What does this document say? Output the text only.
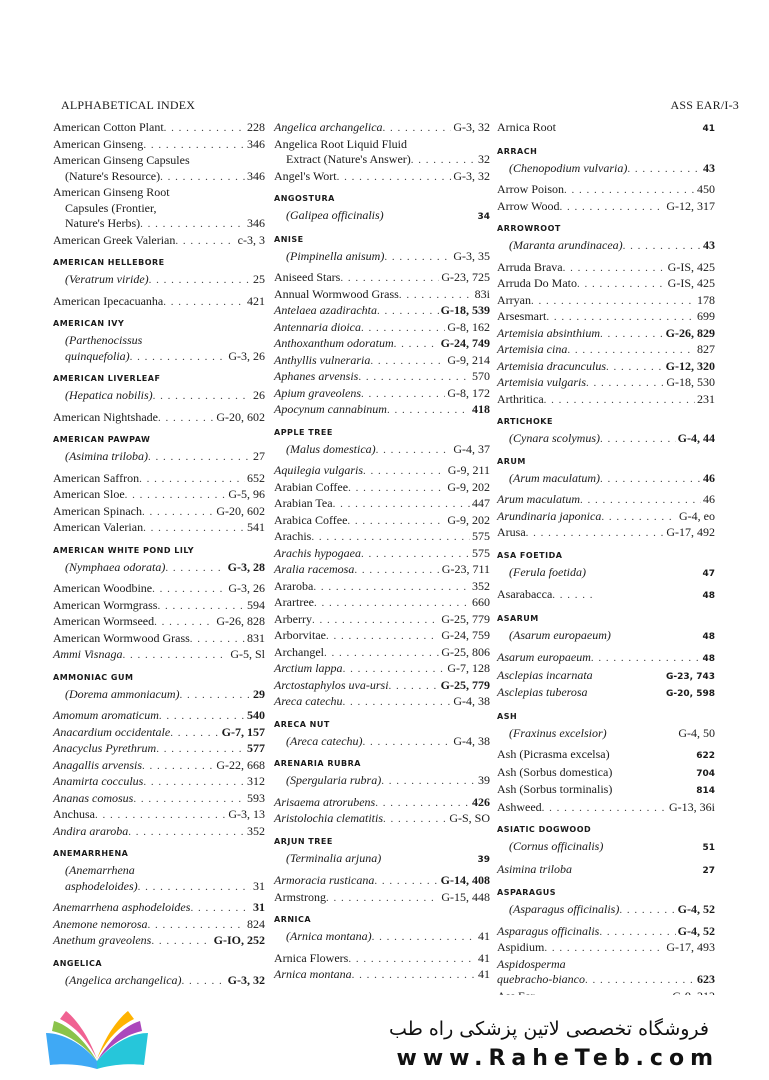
ALPHABETICAL INDEX	ASS EAR/I-3
American Cotton Plant . . .	228
American Ginseng . . .	346
American Ginseng Capsules
(Nature's Resource) . . .	346
American Ginseng Root
Capsules (Frontier,
Nature's Herbs) . . .	346
American Greek Valerian . . .	c-3, 3
AMERICAN HELLEBORE
(Veratrum viride) . . .	25
American Ipecacuanha . . .	421
AMERICAN IVY
(Parthenocissus
quinquefolia) . . .	G-3, 26
AMERICAN LIVERLEAF
(Hepatica nobilis) . . .	26
American Nightshade . . .	G-20, 602
AMERICAN PAWPAW
(Asimina triloba) . . .	27
American Saffron . . .	652
American Sloe . . .	G-5, 96
American Spinach . . .	G-20, 602
American Valerian . . .	541
AMERICAN WHITE POND LILY
(Nymphaea odorata) . . .	G-3, 28
American Woodbine . . .	G-3, 26
American Wormgrass . . .	594
American Wormseed . . .	G-26, 828
American Wormwood Grass . . .	831
Ammi Visnaga . . .	G-5, Sl
AMMONIAC GUM
(Dorema ammoniacum) . . .	29
Amomum aromaticum . . .	540
Anacardium occidentale . . .	G-7, 157
Anacyclus Pyrethrum . . .	577
Anagallis arvensis . . .	G-22, 668
Anamirta cocculus . . .	312
Ananas comosus . . .	593
Anchusa . . .	G-3, 13
Andira araroba . . .	352
ANEMARRHENA
(Anemarrhena
asphodeloides) . . .	31
Anemarrhena asphodeloides . . .	31
Anemone nemorosa . . .	824
Anethum graveolens . . .	G-IO, 252
ANGELICA
(Angelica archangelica) . . .	G-3, 32
Angelica archangelica . . .	G-3, 32
Angelica Root Liquid Fluid
Extract (Nature's Answer) . . .	32
Angel's Wort . . .	G-3, 32
ANGOSTURA
(Galipea officinalis)	34
ANISE
(Pimpinella anisum) . . .	G-3, 35
Aniseed Stars . . .	G-23, 725
Annual Wormwood Grass . . .	83i
Antelaea azadirachta . . .	G-18, 539
Antennaria dioica . . .	G-8, 162
Anthoxanthum odoratum . . .	G-24, 749
Anthyllis vulneraria . . .	G-9, 214
Aphanes arvensis . . .	570
Apium graveolens . . .	G-8, 172
Apocynum cannabinum . . .	418
APPLE TREE
(Malus domestica) . . .	G-4, 37
Aquilegia vulgaris . . .	G-9, 211
Arabian Coffee . . .	G-9, 202
Arabian Tea . . .	447
Arabica Coffee . . .	G-9, 202
Arachis . . .	575
Arachis hypogaea . . .	575
Aralia racemosa . . .	G-23, 711
Araroba . . .	352
Arartree . . .	660
Arberry . . .	G-25, 779
Arborvitae . . .	G-24, 759
Archangel . . .	G-25, 806
Arctium lappa . . .	G-7, 128
Arctostaphylos uva-ursi . . .	G-25, 779
Areca catechu . . .	G-4, 38
ARECA NUT
(Areca catechu) . . .	G-4, 38
ARENARIA RUBRA
(Spergularia rubra) . . .	39
Arisaema atrorubens . . .	426
Aristolochia clematitis . . .	G-S, SO
ARJUN TREE
(Terminalia arjuna)	39
Armoracia rusticana . . .	G-14, 408
Armstrong . . .	G-15, 448
ARNICA
(Arnica montana) . . .	41
Arnica Flowers . . .	41
Arnica montana . . .	41
Arnica Root	41
ARRACH
(Chenopodium vulvaria) . . .	43
Arrow Poison . . .	450
Arrow Wood . . .	G-12, 317
ARROWROOT
(Maranta arundinacea) . . .	43
Arruda Brava . . .	G-IS, 425
Arruda Do Mato . . .	G-IS, 425
Arryan . . .	178
Arsesmart . . .	699
Artemisia absinthium . . .	G-26, 829
Artemisia cina . . .	827
Artemisia dracunculus . . .	G-12, 320
Artemisia vulgaris . . .	G-18, 530
Arthritica . . .	231
ARTICHOKE
(Cynara scolymus) . . .	G-4, 44
ARUM
(Arum maculatum) . . .	46
Arum maculatum . . .	46
Arundinaria japonica . . .	G-4, eo
Arusa . . .	G-17, 492
ASA FOETIDA
(Ferula foetida)	47
Asarabacca . . .	48
ASARUM
(Asarum europaeum)	48
Asarum europaeum . . .	48
Asclepias incarnata	G-23, 743
Asclepias tuberosa	G-20, 598
ASH
(Fraxinus excelsior)	G-4, 50
Ash (Picrasma excelsa)	622
Ash (Sorbus domestica)	704
Ash (Sorbus torminalis)	814
Ashweed . . .	G-13, 36i
ASIATIC DOGWOOD
(Cornus officinalis)	51
Asimina triloba	27
ASPARAGUS
(Asparagus officinalis) . . .	G-4, 52
Asparagus officinalis . . .	G-4, 52
Aspidium . . .	G-17, 493
Aspidosperma
quebracho-bianco . . .	623
. . .
فروشگاه تخصصی لاتین پزشکی راه طب
www.RaheTeb.com
